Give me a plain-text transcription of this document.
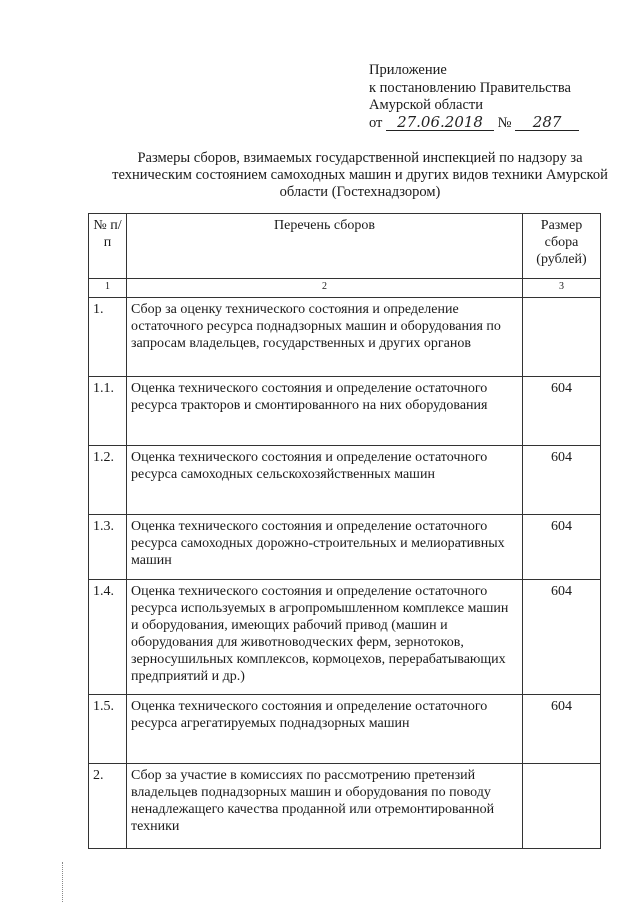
Приложение
к постановлению Правительства
Амурской области
от 27.06.2018 № 287
Размеры сборов, взимаемых государственной инспекцией по надзору за техническим состоянием самоходных машин и других видов техники Амурской области (Гостехнадзором)
№ п/п	Перечень сборов	Размер сбора (рублей)
1	2	3
1.	Сбор за оценку технического состояния и определение остаточного ресурса поднадзорных машин и оборудования по запросам владельцев, государственных и других органов	
1.1.	Оценка технического состояния и определение остаточного ресурса тракторов и смонтированного на них оборудования	604
1.2.	Оценка технического состояния и определение остаточного ресурса самоходных сельскохозяйственных машин	604
1.3.	Оценка технического состояния и определение остаточного ресурса самоходных дорожно-строительных и мелиоративных машин	604
1.4.	Оценка технического состояния и определение остаточного ресурса используемых в агропромышленном комплексе машин и оборудования, имеющих рабочий привод (машин и оборудования для животноводческих ферм, зернотоков, зерносушильных комплексов, кормоцехов, перерабатывающих предприятий и др.)	604
1.5.	Оценка технического состояния и определение остаточного ресурса агрегатируемых поднадзорных машин	604
2.	Сбор за участие в комиссиях по рассмотрению претензий владельцев поднадзорных машин и оборудования по поводу ненадлежащего качества проданной или отремонтированной техники	
